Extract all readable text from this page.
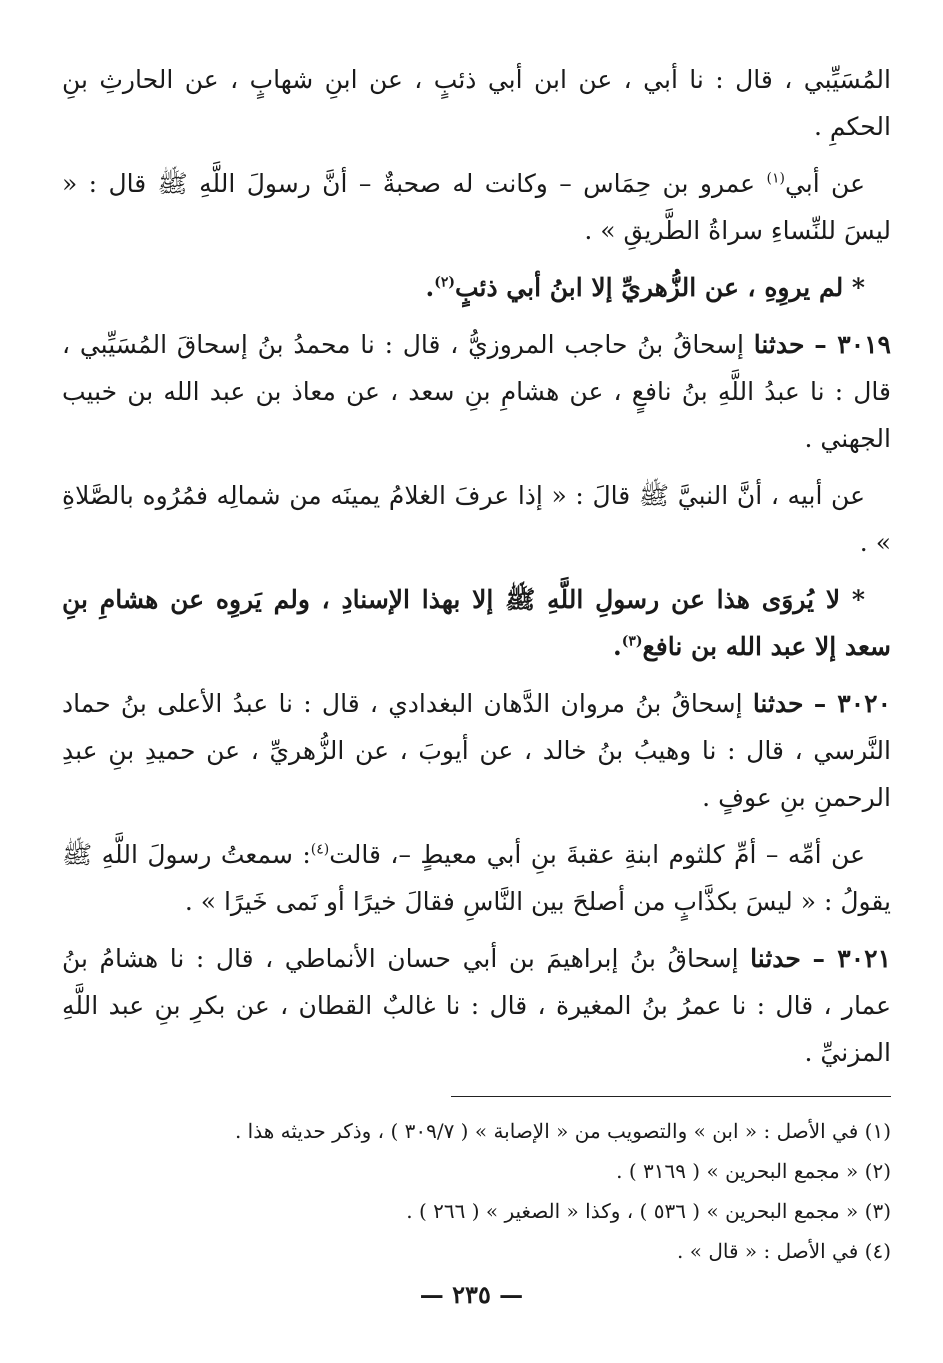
المُسَيِّبي ، قال : نا أبي ، عن ابن أبي ذئبٍ ، عن ابنِ شهابٍ ، عن الحارثِ بنِ الحكمِ .

عن أبي$^{(١)}$ عمرو بن حِمَاس – وكانت له صحبةٌ – أنَّ رسولَ اللَّهِ ﷺ قال : « ليسَ للنِّساءِ سراةُ الطَّريقِ » .

* لم يروِهِ ، عن الزُّهريِّ إلا ابنُ أبي ذئبٍ$^{(٢)}$.

٣٠١٩ – حدثنا إسحاقُ بنُ حاجب المروزيُّ ، قال : نا محمدُ بنُ إسحاقَ المُسَيِّبي ، قال : نا عبدُ اللَّهِ بنُ نافعٍ ، عن هشامِ بنِ سعد ، عن معاذ بن عبد الله بن خبيب الجهني .

عن أبيه ، أنَّ النبيَّ ﷺ قالَ : « إذا عرفَ الغلامُ يمينَه من شمالِه فمُرُوه بالصَّلاةِ » .

* لا يُروَى هذا عن رسولِ اللَّهِ ﷺ إلا بهذا الإسنادِ ، ولم يَروِه عن هشامِ بنِ سعد إلا عبد الله بن نافع$^{(٣)}$.

٣٠٢٠ – حدثنا إسحاقُ بنُ مروان الدَّهان البغدادي ، قال : نا عبدُ الأعلى بنُ حماد النَّرسي ، قال : نا وهيبُ بنُ خالد ، عن أيوبَ ، عن الزُّهريِّ ، عن حميدِ بنِ عبدِ الرحمنِ بنِ عوفٍ .

عن أمِّه – أمِّ كلثوم ابنةِ عقبةَ بنِ أبي معيطٍ –، قالت$^{(٤)}$: سمعتُ رسولَ اللَّهِ ﷺ يقولُ : « ليسَ بكذَّابٍ من أصلحَ بين النَّاسِ فقالَ خيرًا أو نَمى خَيرًا » .

٣٠٢١ – حدثنا إسحاقُ بنُ إبراهيمَ بن أبي حسان الأنماطي ، قال : نا هشامُ بنُ عمار ، قال : نا عمرُ بنُ المغيرة ، قال : نا غالبٌ القطان ، عن بكرِ بنِ عبد اللَّهِ المزنيِّ .

(١) في الأصل : « ابن » والتصويب من « الإصابة » ( ٣٠٩/٧ ) ، وذكر حديثه هذا .

(٢) « مجمع البحرين » ( ٣١٦٩ ) .

(٣) « مجمع البحرين » ( ٥٣٦ ) ، وكذا « الصغير » ( ٢٦٦ ) .

(٤) في الأصل : « قال » .

— ٢٣٥ —
